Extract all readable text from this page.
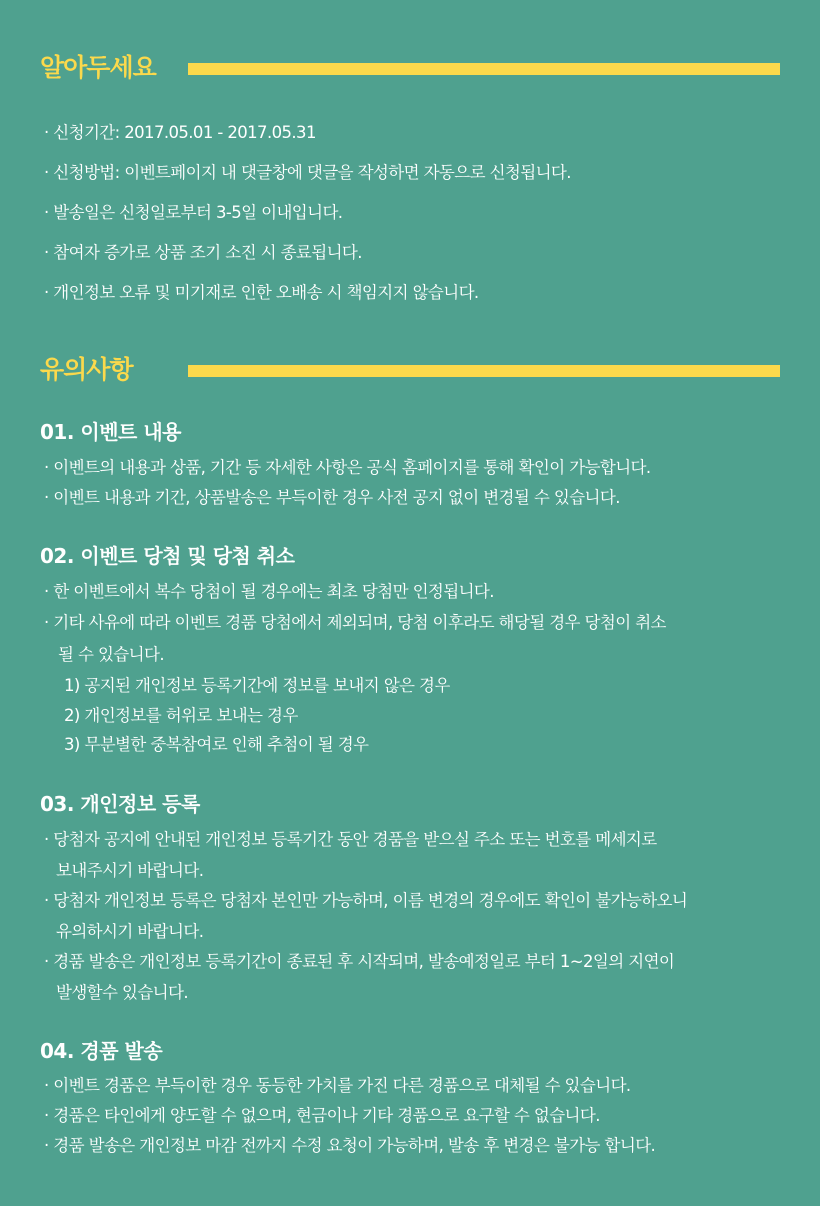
알아두세요
· 신청기간: 2017.05.01 - 2017.05.31
· 신청방법: 이벤트페이지 내 댓글창에 댓글을 작성하면 자동으로 신청됩니다.
· 발송일은 신청일로부터 3-5일 이내입니다.
· 참여자 증가로 상품 조기 소진 시 종료됩니다.
· 개인정보 오류 및 미기재로 인한 오배송 시 책임지지 않습니다.
유의사항
01. 이벤트 내용
· 이벤트의 내용과 상품, 기간 등 자세한 사항은 공식 홈페이지를 통해 확인이 가능합니다.
· 이벤트 내용과 기간, 상품발송은 부득이한 경우 사전 공지 없이 변경될 수 있습니다.
02. 이벤트 당첨 및 당첨 취소
· 한 이벤트에서 복수 당첨이 될 경우에는 최초 당첨만 인정됩니다.
· 기타 사유에 따라 이벤트 경품 당첨에서 제외되며, 당첨 이후라도 해당될 경우 당첨이 취소
될 수 있습니다.
1) 공지된 개인정보 등록기간에 정보를 보내지 않은 경우
2) 개인정보를 허위로 보내는 경우
3) 무분별한 중복참여로 인해 추첨이 될 경우
03. 개인정보 등록
· 당첨자 공지에 안내된 개인정보 등록기간 동안 경품을 받으실 주소 또는 번호를 메세지로
보내주시기 바랍니다.
· 당첨자 개인정보 등록은 당첨자 본인만 가능하며, 이름 변경의 경우에도 확인이 불가능하오니
유의하시기 바랍니다.
· 경품 발송은 개인정보 등록기간이 종료된 후 시작되며, 발송예정일로 부터 1~2일의 지연이
발생할수 있습니다.
04. 경품 발송
· 이벤트 경품은 부득이한 경우 동등한 가치를 가진 다른 경품으로 대체될 수 있습니다.
· 경품은 타인에게 양도할 수 없으며, 현금이나 기타 경품으로 요구할 수 없습니다.
· 경품 발송은 개인정보 마감 전까지 수정 요청이 가능하며, 발송 후 변경은 불가능 합니다.
